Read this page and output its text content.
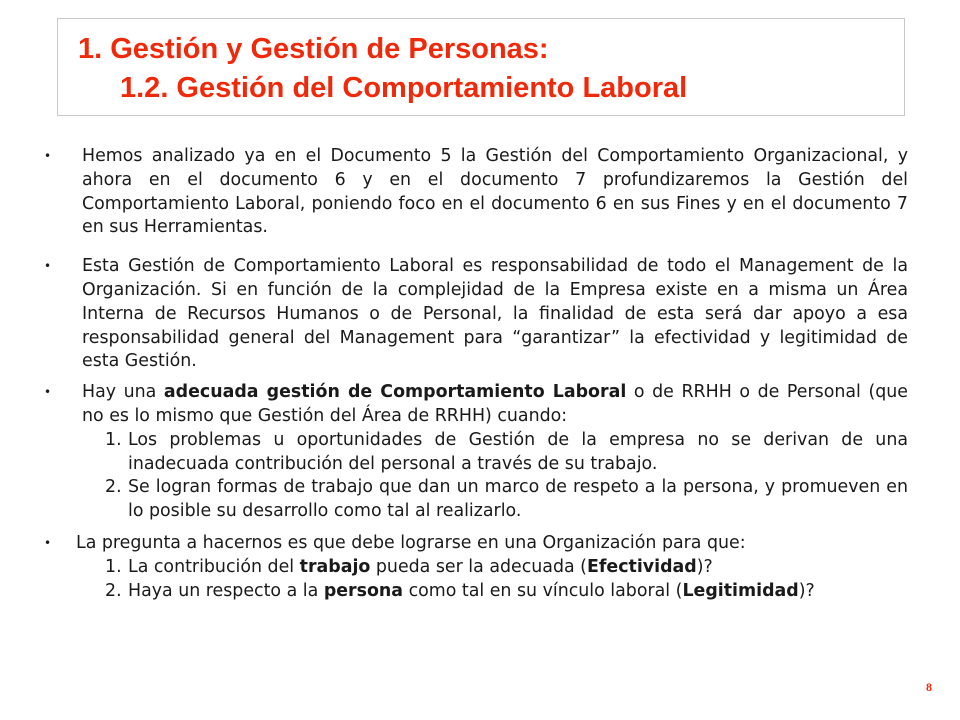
1. Gestión y Gestión de Personas:
1.2. Gestión del Comportamiento Laboral
• Hemos analizado ya en el Documento 5 la Gestión del Comportamiento Organizacional, y ahora en el documento 6 y en el documento 7 profundizaremos la Gestión del Comportamiento Laboral, poniendo foco en el documento 6 en sus Fines y en el documento 7 en sus Herramientas.
• Esta Gestión de Comportamiento Laboral es responsabilidad de todo el Management de la Organización. Si en función de la complejidad de la Empresa existe en a misma un Área Interna de Recursos Humanos o de Personal, la finalidad de esta será dar apoyo a esa responsabilidad general del Management para “garantizar” la efectividad y legitimidad de esta Gestión.
• Hay una adecuada gestión de Comportamiento Laboral o de RRHH o de Personal (que no es lo mismo que Gestión del Área de RRHH) cuando:
1. Los problemas u oportunidades de Gestión de la empresa no se derivan de una inadecuada contribución del personal a través de su trabajo.
2. Se logran formas de trabajo que dan un marco de respeto a la persona, y promueven en lo posible su desarrollo como tal al realizarlo.
• La pregunta a hacernos es que debe lograrse en una Organización para que:
1. La contribución del trabajo pueda ser la adecuada (Efectividad)?
2. Haya un respecto a la persona como tal en su vínculo laboral (Legitimidad)?
8
